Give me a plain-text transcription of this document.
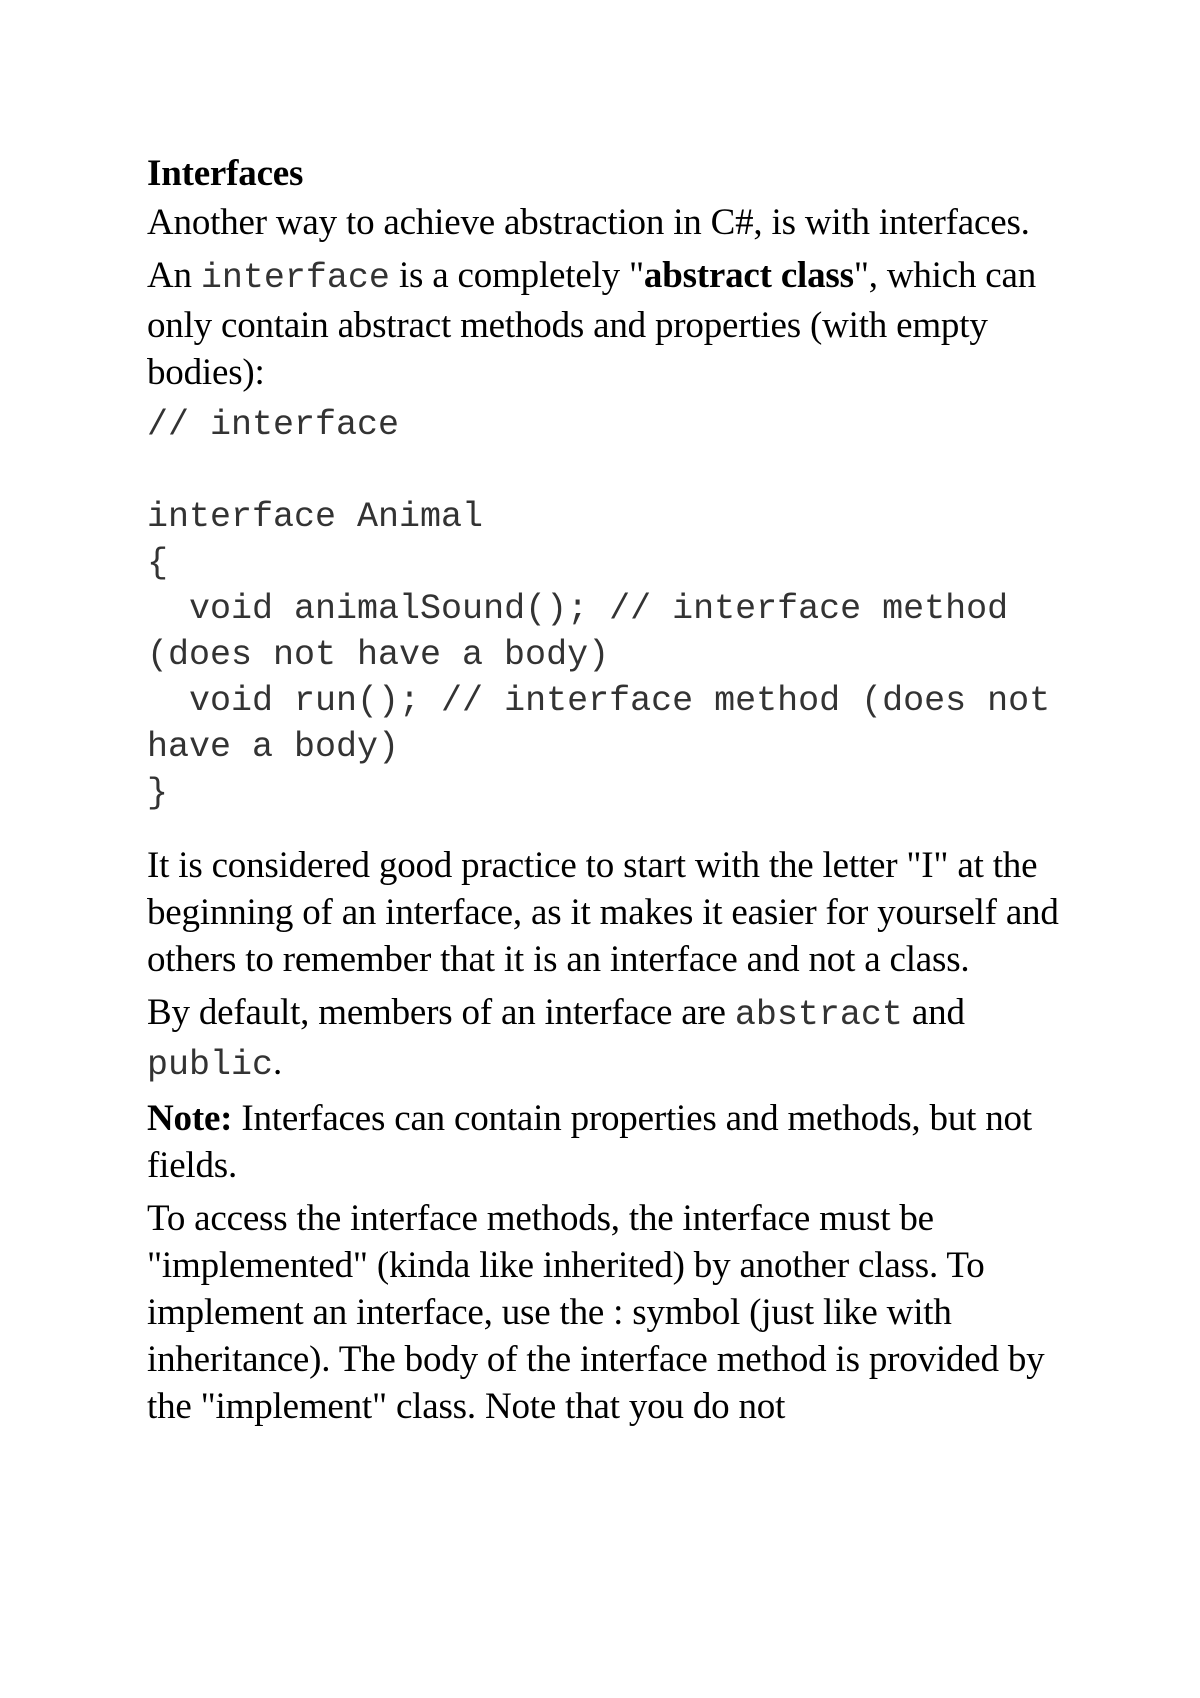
Interfaces

Another way to achieve abstraction in C#, is with interfaces.

An interface is a completely "abstract class", which can only contain abstract methods and properties (with empty bodies):

// interface
interface Animal
{
void animalSound(); // interface method (does not have a body)
void run(); // interface method (does not have a body)
}

It is considered good practice to start with the letter "I" at the beginning of an interface, as it makes it easier for yourself and others to remember that it is an interface and not a class.

By default, members of an interface are abstract and public.

Note: Interfaces can contain properties and methods, but not fields.

To access the interface methods, the interface must be "implemented" (kinda like inherited) by another class. To implement an interface, use the : symbol (just like with inheritance). The body of the interface method is provided by the "implement" class. Note that you do not
